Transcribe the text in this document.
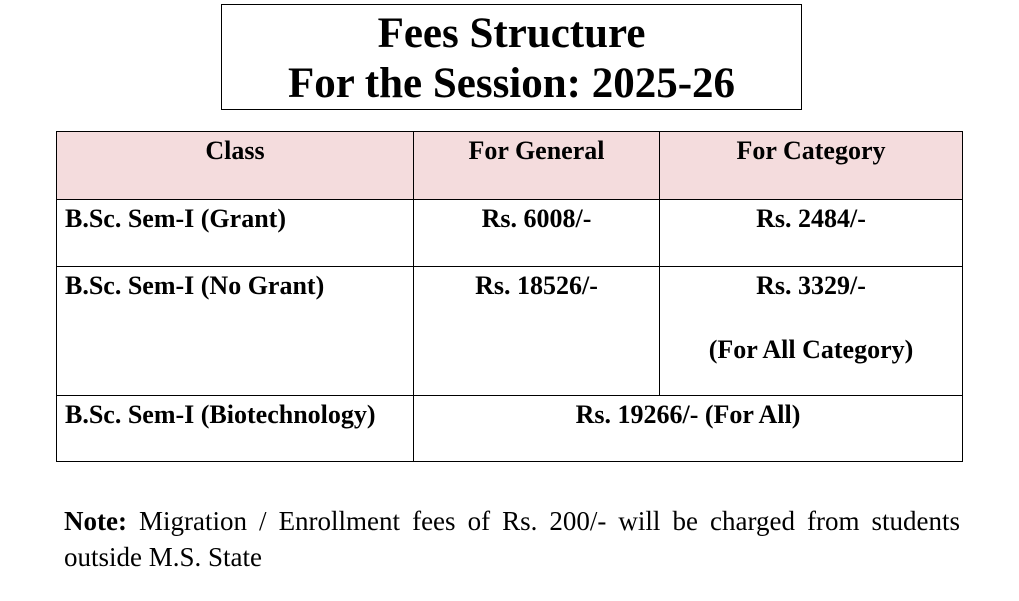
Fees Structure
For the Session: 2025-26
Class	For General	For Category
B.Sc. Sem-I (Grant)	Rs. 6008/-	Rs. 2484/-
B.Sc. Sem-I (No Grant)	Rs. 18526/-	Rs. 3329/-
(For All Category)

B.Sc. Sem-I (Biotechnology)	Rs. 19266/- (For All)	
Note: Migration / Enrollment fees of Rs. 200/- will be charged from students outside M.S. State
